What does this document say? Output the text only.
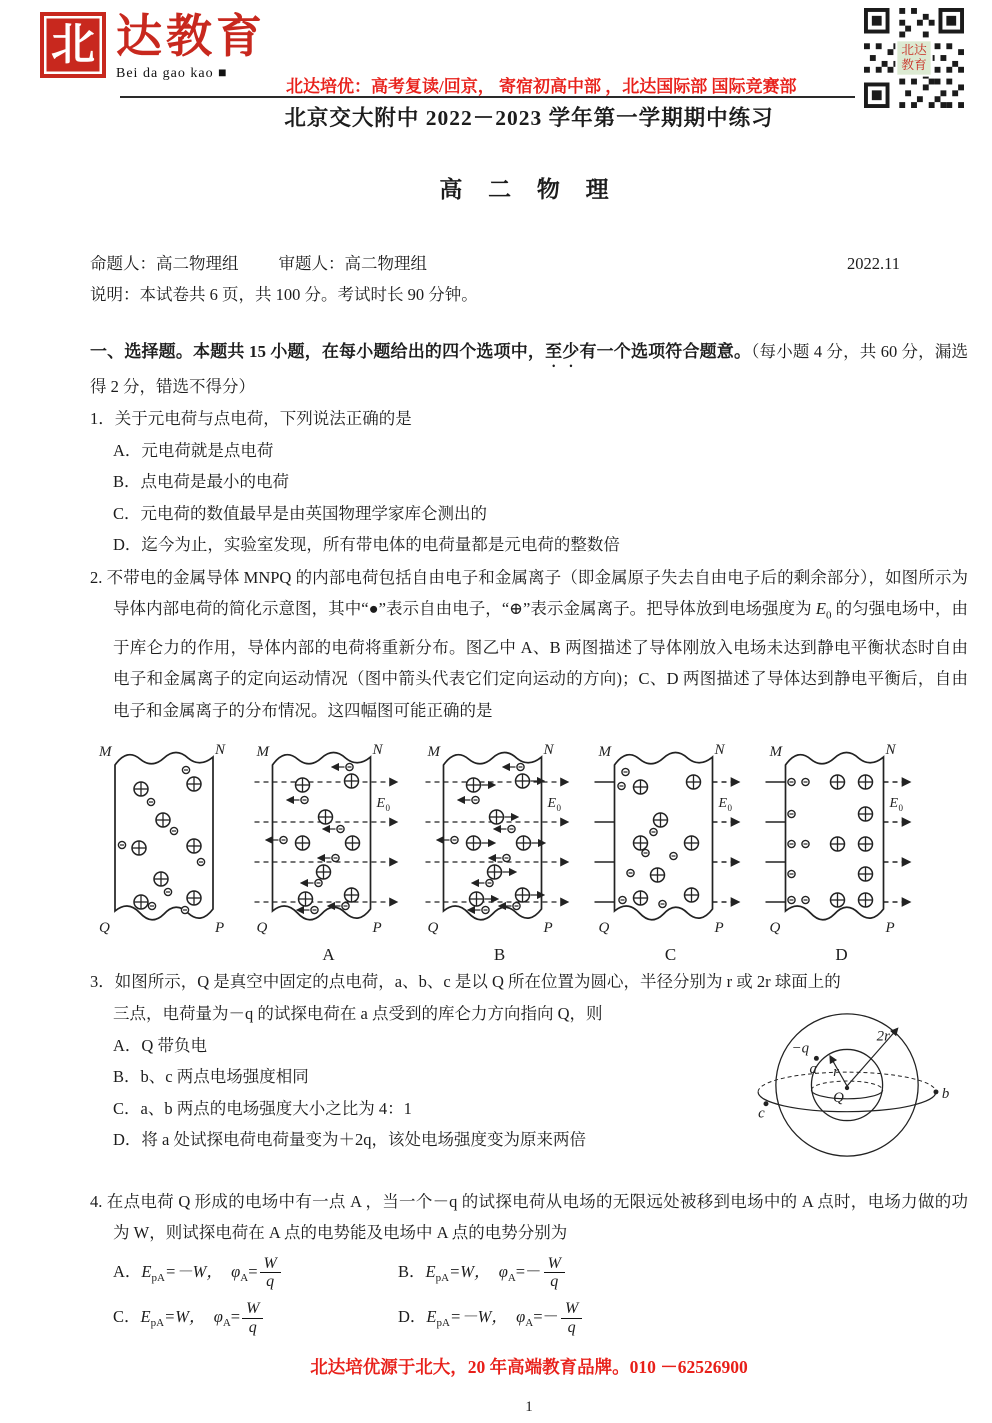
北 达教育
Bei da gao kao ■
北达培优：高考复读/回京， 寄宿初高中部 ，北达国际部 国际竞赛部
北达
教育
北京交大附中 2022－2023 学年第一学期期中练习
高 二 物 理
命题人：高二物理组 审题人：高二物理组	2022.11
说明：本试卷共 6 页，共 100 分。考试时长 90 分钟。

一、选择题。本题共 15 小题，在每小题给出的四个选项中，至少有一个选项符合题意。（每小题 4 分，共 60 分，漏选得 2 分，错选不得分）

1．关于元电荷与点电荷，下列说法正确的是

A．元电荷就是点电荷
B．点电荷是最小的电荷
C．元电荷的数值最早是由英国物理学家库仑测出的
D．迄今为止，实验室发现，所有带电体的电荷量都是元电荷的整数倍

2. 不带电的金属导体 MNPQ 的内部电荷包括自由电子和金属离子（即金属原子失去自由电子后的剩余部分），如图所示为导体内部电荷的简化示意图，其中“●”表示自由电子，“⊕”表示金属离子。把导体放到电场强度为 $E_0$ 的匀强电场中，由于库仑力的作用，导体内部的电荷将重新分布。图乙中 A、B 两图描述了导体刚放入电场未达到静电平衡状态时自由电子和金属离子的定向运动情况（图中箭头代表它们定向运动的方向)；C、D 两图描述了导体达到静电平衡后，自由电子和金属离子的分布情况。这四幅图可能正确的是

M	N
Q	P
M	N
Q	P
E 0
A
M	N
Q	P
E 0
B
M	N
Q	P
E 0
C
M	N
Q	P
E 0
D

3．如图所示，Q 是真空中固定的点电荷，a、b、c 是以 Q 所在位置为圆心，半径分别为 r 或 2r 球面上的

−q
a r
2r
Q	b
c

三点，电荷量为－q 的试探电荷在 a 点受到的库仑力方向指向 Q，则

A．Q 带负电
B．b、c 两点电场强度相同
C．a、b 两点的电场强度大小之比为 4：1
D．将 a 处试探电荷电荷量变为＋2q，该处电场强度变为原来两倍

4. 在点电荷 Q 形成的电场中有一点 A ，当一个－q 的试探电荷从电场的无限远处被移到电场中的 A 点时，电场力做的功为 W，则试探电荷在 A 点的电势能及电场中 A 点的电势分别为

A．$E_{pA}=-W$， $\varphi_A= \frac{W}{q}$	B．$E_{pA}=W$， $\varphi_A=- \frac{W}{q}$
C．$E_{pA}=W$， $\varphi_A= \frac{W}{q}$	D．$E_{pA}=-W$， $\varphi_A=- \frac{W}{q}$
北达培优源于北大，20 年高端教育品牌。010 －62526900
1
